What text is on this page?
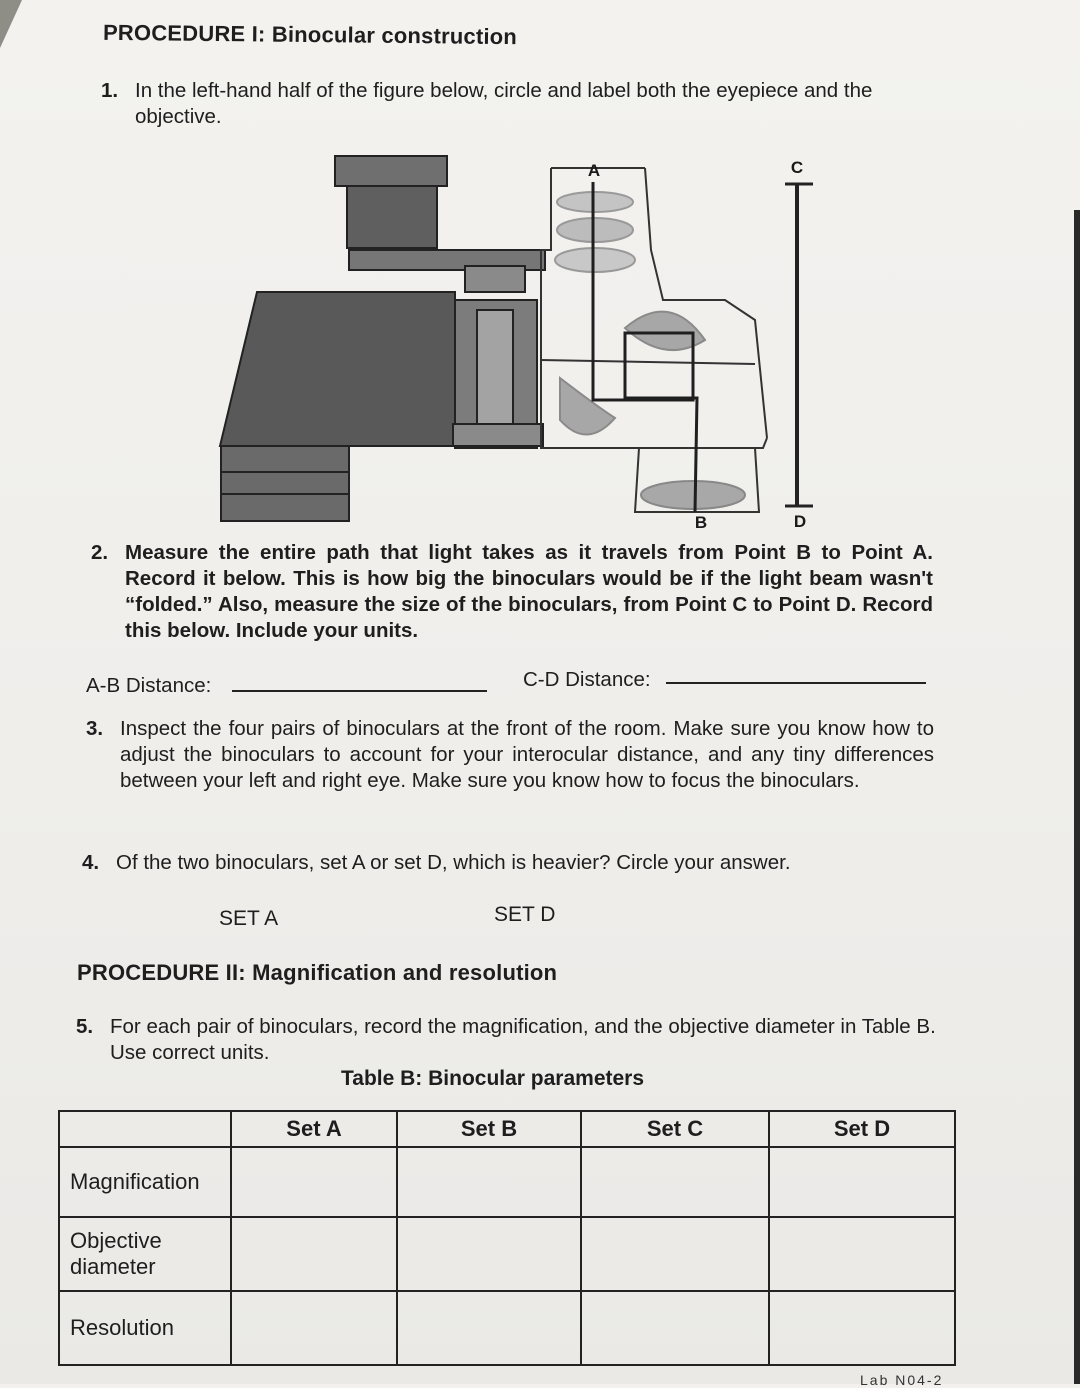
PROCEDURE I: Binocular construction
1. In the left-hand half of the figure below, circle and label both the eyepiece and the objective.
A
B
C
D
2. Measure the entire path that light takes as it travels from Point B to Point A. Record it below. This is how big the binoculars would be if the light beam wasn't “folded.” Also, measure the size of the binoculars, from Point C to Point D. Record this below. Include your units.
A-B Distance:	C-D Distance:
3. Inspect the four pairs of binoculars at the front of the room. Make sure you know how to adjust the binoculars to account for your interocular distance, and any tiny differences between your left and right eye. Make sure you know how to focus the binoculars.
4. Of the two binoculars, set A or set D, which is heavier? Circle your answer.
SET A	SET D
PROCEDURE II: Magnification and resolution
5. For each pair of binoculars, record the magnification, and the objective diameter in Table B. Use correct units.
Table B: Binocular parameters
	Set A	Set B	Set C	Set D
Magnification				
Objective diameter				
Resolution				
Lab N04-2
